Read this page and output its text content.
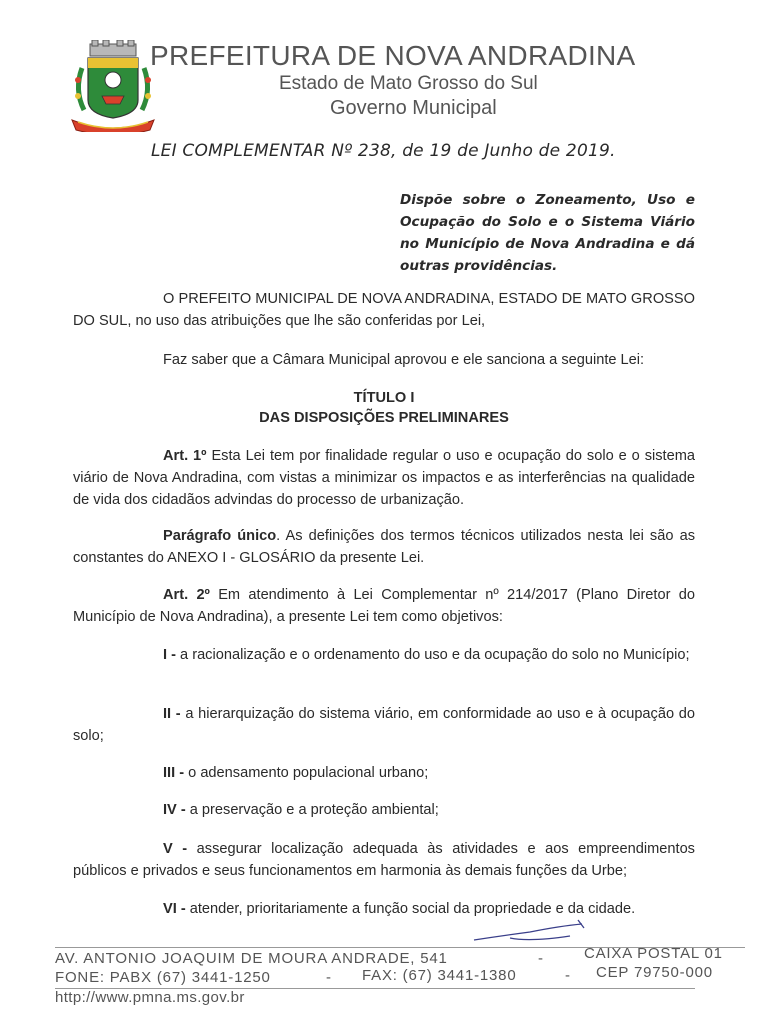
PREFEITURA DE NOVA ANDRADINA
Estado de Mato Grosso do Sul
Governo Municipal
LEI COMPLEMENTAR Nº 238, de 19 de Junho de 2019.
Dispõe sobre o Zoneamento, Uso e Ocupação do Solo e o Sistema Viário no Município de Nova Andradina e dá outras providências.
O PREFEITO MUNICIPAL DE NOVA ANDRADINA, ESTADO DE MATO GROSSO DO SUL, no uso das atribuições que lhe são conferidas por Lei,
Faz saber que a Câmara Municipal aprovou e ele sanciona a seguinte Lei:
TÍTULO I
DAS DISPOSIÇÕES PRELIMINARES
Art. 1º Esta Lei tem por finalidade regular o uso e ocupação do solo e o sistema viário de Nova Andradina, com vistas a minimizar os impactos e as interferências na qualidade de vida dos cidadãos advindas do processo de urbanização.
Parágrafo único. As definições dos termos técnicos utilizados nesta lei são as constantes do ANEXO I - GLOSÁRIO da presente Lei.
Art. 2º Em atendimento à Lei Complementar nº 214/2017 (Plano Diretor do Município de Nova Andradina), a presente Lei tem como objetivos:
I - a racionalização e o ordenamento do uso e da ocupação do solo no Município;
II - a hierarquização do sistema viário, em conformidade ao uso e à ocupação do solo;
III - o adensamento populacional urbano;
IV - a preservação e a proteção ambiental;
V - assegurar localização adequada às atividades e aos empreendimentos públicos e privados e seus funcionamentos em harmonia às demais funções da Urbe;
VI - atender, prioritariamente a função social da propriedade e da cidade.
AV. ANTONIO JOAQUIM DE MOURA ANDRADE, 541	-	CAIXA POSTAL 01
FONE: PABX (67) 3441-1250	- FAX: (67) 3441-1380	- CEP 79750-000
http://www.pmna.ms.gov.br
